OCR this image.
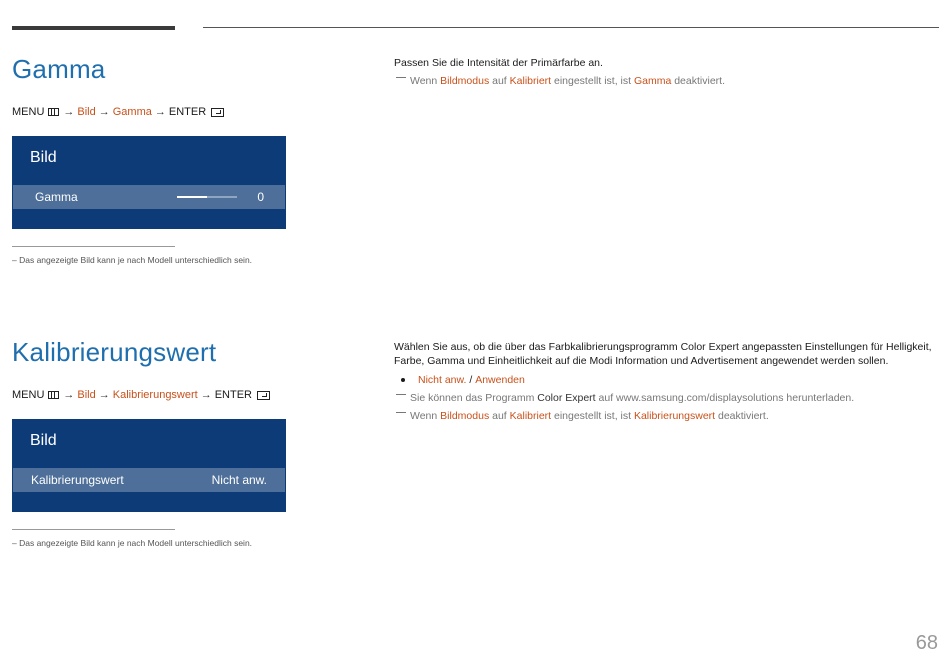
Gamma
MENU → Bild → Gamma → ENTER
Bild
Gamma	0
– Das angezeigte Bild kann je nach Modell unterschiedlich sein.

Passen Sie die Intensität der Primärfarbe an.

Wenn Bildmodus auf Kalibriert eingestellt ist, ist Gamma deaktiviert.

Kalibrierungswert
MENU → Bild → Kalibrierungswert → ENTER
Bild
Kalibrierungswert	Nicht anw.
– Das angezeigte Bild kann je nach Modell unterschiedlich sein.

Wählen Sie aus, ob die über das Farbkalibrierungsprogramm Color Expert angepassten Einstellungen für Helligkeit, Farbe, Gamma und Einheitlichkeit auf die Modi Information und Advertisement angewendet werden sollen.

Nicht anw. / Anwenden

Sie können das Programm Color Expert auf www.samsung.com/displaysolutions herunterladen.

Wenn Bildmodus auf Kalibriert eingestellt ist, ist Kalibrierungswert deaktiviert.

68
